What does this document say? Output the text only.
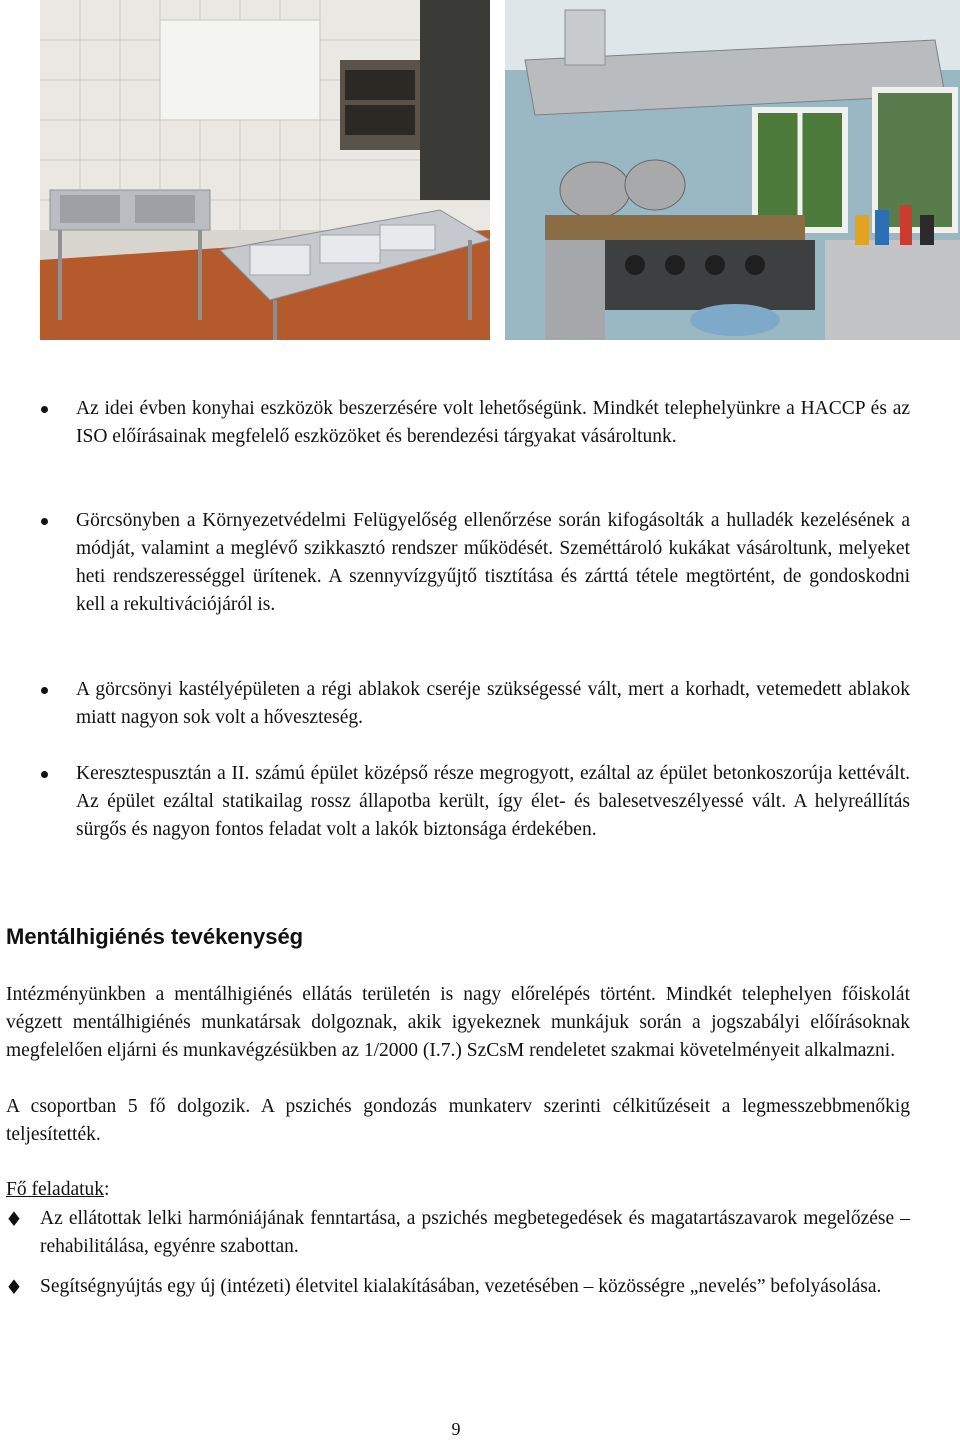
Az idei évben konyhai eszközök beszerzésére volt lehetőségünk. Mindkét telephelyünkre a HACCP és az ISO előírásainak megfelelő eszközöket és berendezési tárgyakat vásároltunk.
Görcsönyben a Környezetvédelmi Felügyelőség ellenőrzése során kifogásolták a hulladék kezelésének a módját, valamint a meglévő szikkasztó rendszer működését. Szeméttároló kukákat vásároltunk, melyeket heti rendszerességgel ürítenek. A szennyvízgyűjtő tisztítása és zárttá tétele megtörtént, de gondoskodni kell a rekultivációjáról is.
A görcsönyi kastélyépületen a régi ablakok cseréje szükségessé vált, mert a korhadt, vetemedett ablakok miatt nagyon sok volt a hőveszteség.
Keresztespusztán a II. számú épület középső része megrogyott, ezáltal az épület betonkoszorúja kettévált. Az épület ezáltal statikailag rossz állapotba került, így élet- és balesetveszélyessé vált. A helyreállítás sürgős és nagyon fontos feladat volt a lakók biztonsága érdekében.
Mentálhigiénés tevékenység

Intézményünkben a mentálhigiénés ellátás területén is nagy előrelépés történt. Mindkét telephelyen főiskolát végzett mentálhigiénés munkatársak dolgoznak, akik igyekeznek munkájuk során a jogszabályi előírásoknak megfelelően eljárni és munkavégzésükben az 1/2000 (I.7.) SzCsM rendeletet szakmai követelményeit alkalmazni.

A csoportban 5 fő dolgozik. A pszichés gondozás munkaterv szerinti célkitűzéseit a legmesszebbmenőkig teljesítették.

Fő feladatuk:
♦ Az ellátottak lelki harmóniájának fenntartása, a pszichés megbetegedések és magatartászavarok megelőzése – rehabilitálása, egyénre szabottan.
♦ Segítségnyújtás egy új (intézeti) életvitel kialakításában, vezetésében – közösségre „nevelés” befolyásolása.
9
